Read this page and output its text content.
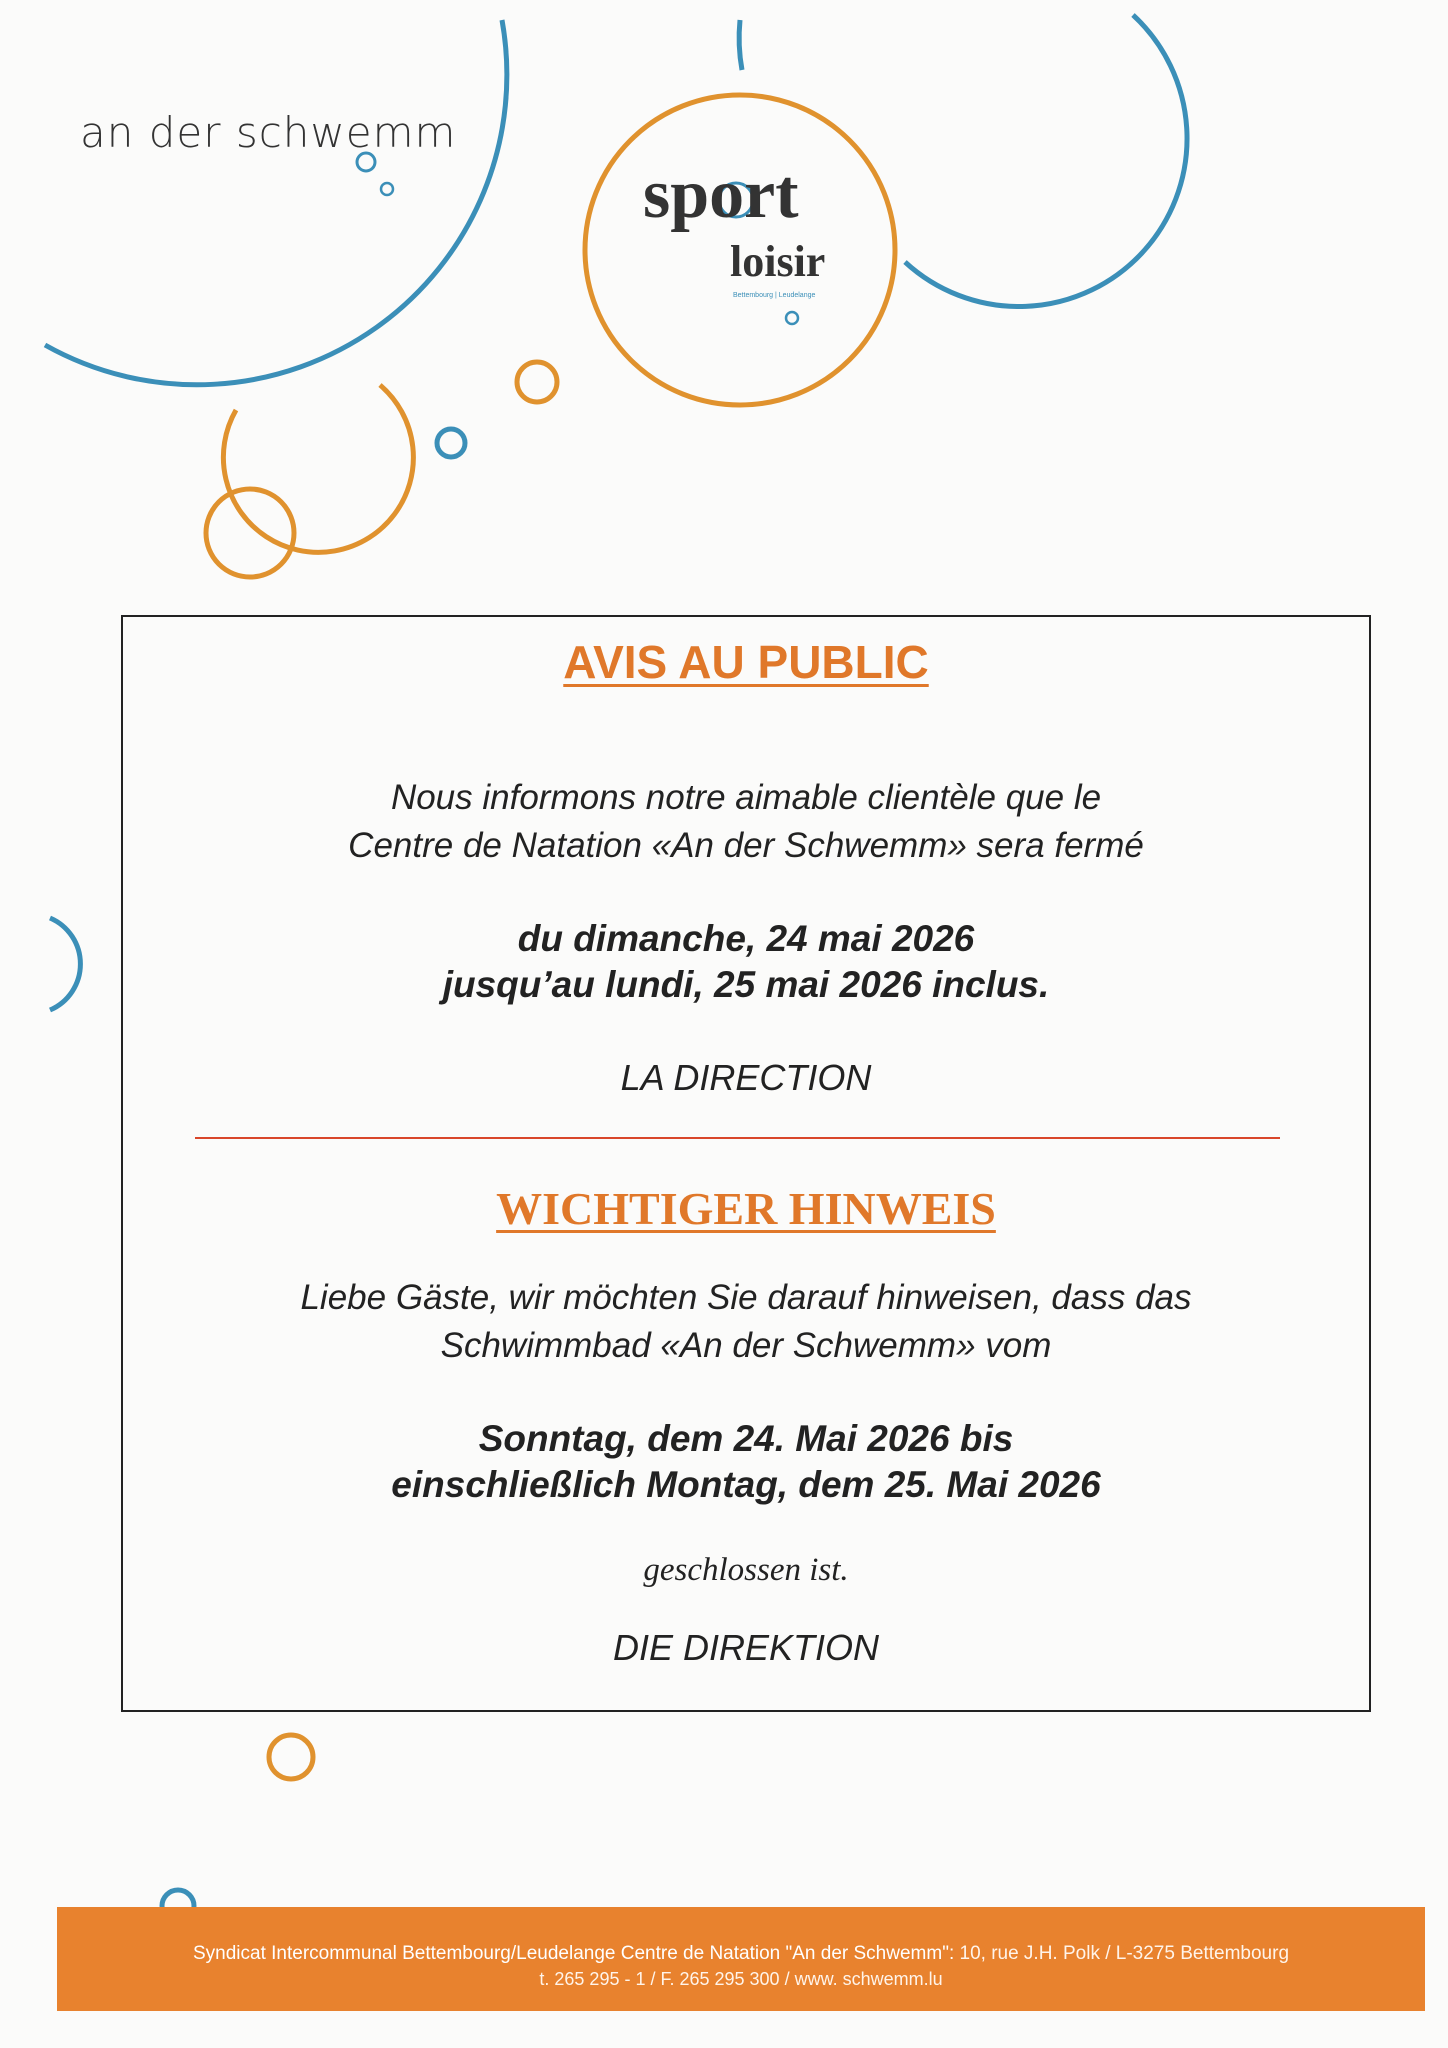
an der schwemm
sport
loisir
Bettembourg | Leudelange
AVIS AU PUBLIC
Nous informons notre aimable clientèle que le
Centre de Natation «An der Schwemm» sera fermé
du dimanche, 24 mai 2026
jusqu’au lundi, 25 mai 2026 inclus.
LA DIRECTION
WICHTIGER HINWEIS
Liebe Gäste, wir möchten Sie darauf hinweisen, dass das
Schwimmbad «An der Schwemm» vom
Sonntag, dem 24. Mai 2026 bis
einschließlich Montag, dem 25. Mai 2026
geschlossen ist.
DIE DIREKTION
Syndicat Intercommunal Bettembourg/Leudelange Centre de Natation "An der Schwemm": 10, rue J.H. Polk / L-3275 Bettembourg
t. 265 295 - 1 / F. 265 295 300 / www. schwemm.lu
